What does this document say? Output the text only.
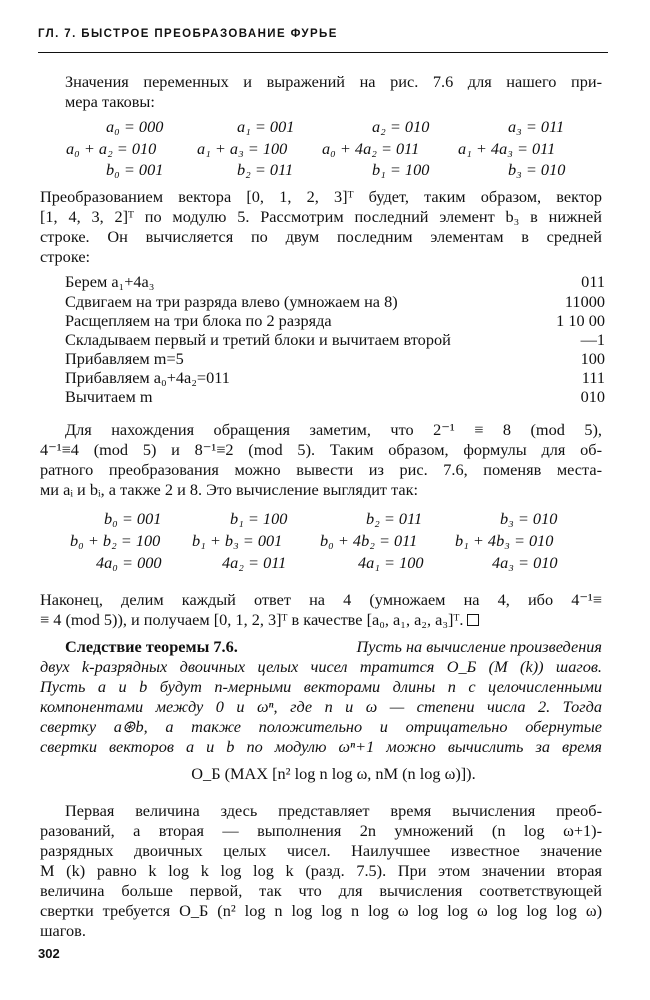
ГЛ. 7. БЫСТРОЕ ПРЕОБРАЗОВАНИЕ ФУРЬЕ
Значения переменных и выражений на рис. 7.6 для нашего при-
мера таковы:
a₀ = 000	a₁ = 001	a₂ = 010	a₃ = 011
a₀ + a₂ = 010 a₁ + a₃ = 100 a₀ + 4a₂ = 011 a₁ + 4a₃ = 011
b₀ = 001	b₂ = 011	b₁ = 100	b₃ = 010
Преобразованием вектора [0, 1, 2, 3]ᵀ будет, таким образом, вектор
[1, 4, 3, 2]ᵀ по модулю 5. Рассмотрим последний элемент b₃ в нижней
строке. Он вычисляется по двум последним элементам в средней
строке:
Берем a₁+4a₃	011
Сдвигаем на три разряда влево (умножаем на 8)	11000
Расщепляем на три блока по 2 разряда	1 10 00
Складываем первый и третий блоки и вычитаем второй	—1
Прибавляем m=5	100
Прибавляем a₀+4a₂=011	111
Вычитаем m	010
Для нахождения обращения заметим, что 2⁻¹ ≡ 8 (mod 5),
4⁻¹≡4 (mod 5) и 8⁻¹≡2 (mod 5). Таким образом, формулы для об-
ратного преобразования можно вывести из рис. 7.6, поменяв места-
ми aᵢ и bᵢ, а также 2 и 8. Это вычисление выглядит так:
b₀ = 001	b₁ = 100	b₂ = 011	b₃ = 010
b₀ + b₂ = 100 b₁ + b₃ = 001 b₀ + 4b₂ = 011 b₁ + 4b₃ = 010
4a₀ = 000	4a₂ = 011	4a₁ = 100	4a₃ = 010
Наконец, делим каждый ответ на 4 (умножаем на 4, ибо 4⁻¹≡
≡ 4 (mod 5)), и получаем [0, 1, 2, 3]ᵀ в качестве [a₀, a₁, a₂, a₃]ᵀ.
Следствие теоремы 7.6.	Пусть на вычисление произведения
двух k-разрядных двоичных целых чисел тратится O_Б (M (k)) шагов.
Пусть a и b будут n-мерными векторами длины n с целочисленными
компонентами между 0 и ωⁿ, где n и ω — степени числа 2. Тогда
свертку a⊛b, а также положительно и отрицательно обернутые
свертки векторов a и b по модулю ωⁿ+1 можно вычислить за время
O_Б (MAX [n² log n log ω, nM (n log ω)]).
Первая величина здесь представляет время вычисления преоб-
разований, а вторая — выполнения 2n умножений (n log ω+1)-
разрядных двоичных целых чисел. Наилучшее известное значение
M (k) равно k log k log log k (разд. 7.5). При этом значении вторая
величина больше первой, так что для вычисления соответствующей
свертки требуется O_Б (n² log n log log n log ω log log ω log log log ω)
шагов.
302
